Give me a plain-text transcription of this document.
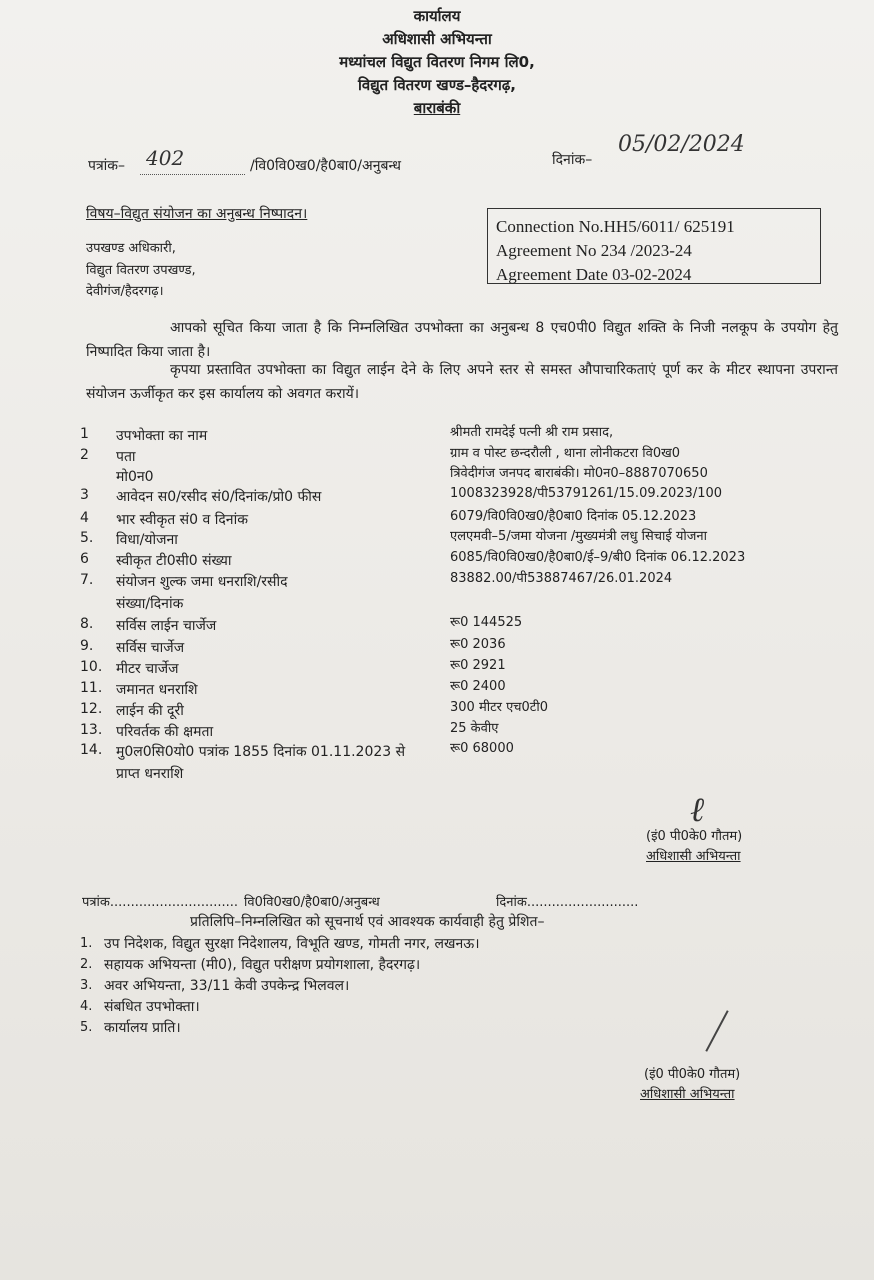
कार्यालय
अधिशासी अभियन्ता
मध्यांचल विद्युत वितरण निगम लि0,
विद्युत वितरण खण्ड–हैदरगढ़,
बाराबंकी
पत्रांक– 402	/वि0वि0ख0/है0बा0/अनुबन्ध	दिनांक–
05/02/2024
विषय–विद्युत संयोजन का अनुबन्ध निष्पादन।
उपखण्ड अधिकारी,
विद्युत वितरण उपखण्ड,
देवीगंज/हैदरगढ़।
Connection No.HH5/6011/ 625191
Agreement No 234 /2023-24
Agreement Date 03-02-2024
आपको सूचित किया जाता है कि निम्नलिखित उपभोक्ता का अनुबन्ध 8 एच0पी0 विद्युत शक्ति के निजी नलकूप के उपयोग हेतु निष्पादित किया जाता है।
कृपया प्रस्तावित उपभोक्ता का विद्युत लाईन देने के लिए अपने स्तर से समस्त औपाचारिकताएं पूर्ण कर के मीटर स्थापना उपरान्त संयोजन ऊर्जीकृत कर इस कार्यालय को अवगत करायें।
1 उपभोक्ता का नाम	श्रीमती रामदेई पत्नी श्री राम प्रसाद,
2 पता	ग्राम व पोस्ट छन्दरौली , थाना लोनीकटरा वि0ख0
मो0न0	त्रिवेदीगंज जनपद बाराबंकी। मो0न0–8887070650
3 आवेदन स0/रसीद सं0/दिनांक/प्रो0 फीस	1008323928/पी53791261/15.09.2023/100
4 भार स्वीकृत सं0 व दिनांक	6079/वि0वि0ख0/है0बा0 दिनांक 05.12.2023
5. विधा/योजना	एलएमवी–5/जमा योजना /मुख्यमंत्री लधु सिचाई योजना
6 स्वीकृत टी0सी0 संख्या	6085/वि0वि0ख0/है0बा0/ई–9/बी0 दिनांक 06.12.2023
7. संयोजन शुल्क जमा धनराशि/रसीद	83882.00/पी53887467/26.01.2024
संख्या/दिनांक
8. सर्विस लाईन चार्जेज	रू0 144525
9. सर्विस चार्जेज	रू0 2036
10. मीटर चार्जेज	रू0 2921
11. जमानत धनराशि	रू0 2400
12. लाईन की दूरी	300 मीटर एच0टी0
13. परिवर्तक की क्षमता	25 केवीए
14. मु0ल0सि0यो0 पत्रांक 1855 दिनांक 01.11.2023 से	रू0 68000
प्राप्त धनराशि
ℓ
(इं0 पी0के0 गौतम)
अधिशासी अभियन्ता
पत्रांक............................... वि0वि0ख0/है0बा0/अनुबन्ध	दिनांक...........................
प्रतिलिपि–निम्नलिखित को सूचनार्थ एवं आवश्यक कार्यवाही हेतु प्रेशित–
1. उप निदेशक, विद्युत सुरक्षा निदेशालय, विभूति खण्ड, गोमती नगर, लखनऊ।
2. सहायक अभियन्ता (मी0), विद्युत परीक्षण प्रयोगशाला, हैदरगढ़।
3. अवर अभियन्ता, 33/11 केवी उपकेन्द्र भिलवल।
4. संबधित उपभोक्ता।
5. कार्यालय प्राति।
(इं0 पी0के0 गौतम)
अधिशासी अभियन्ता
